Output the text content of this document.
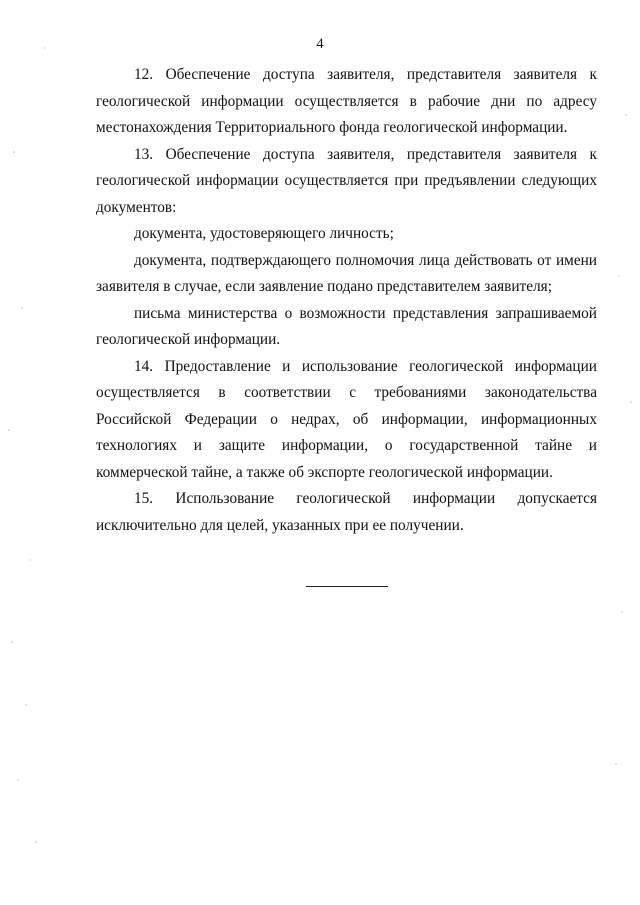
4

12. Обеспечение доступа заявителя, представителя заявителя к геологической информации осуществляется в рабочие дни по адресу местонахождения Территориального фонда геологической информации.

13. Обеспечение доступа заявителя, представителя заявителя к геологической информации осуществляется при предъявлении следующих документов:

документа, удостоверяющего личность;

документа, подтверждающего полномочия лица действовать от имени заявителя в случае, если заявление подано представителем заявителя;

письма министерства о возможности представления запрашиваемой геологической информации.

14. Предоставление и использование геологической информации осуществляется в соответствии с требованиями законодательства Российской Федерации о недрах, об информации, информационных технологиях и защите информации, о государственной тайне и коммерческой тайне, а также об экспорте геологической информации.

15. Использование геологической информации допускается исключительно для целей, указанных при ее получении.
